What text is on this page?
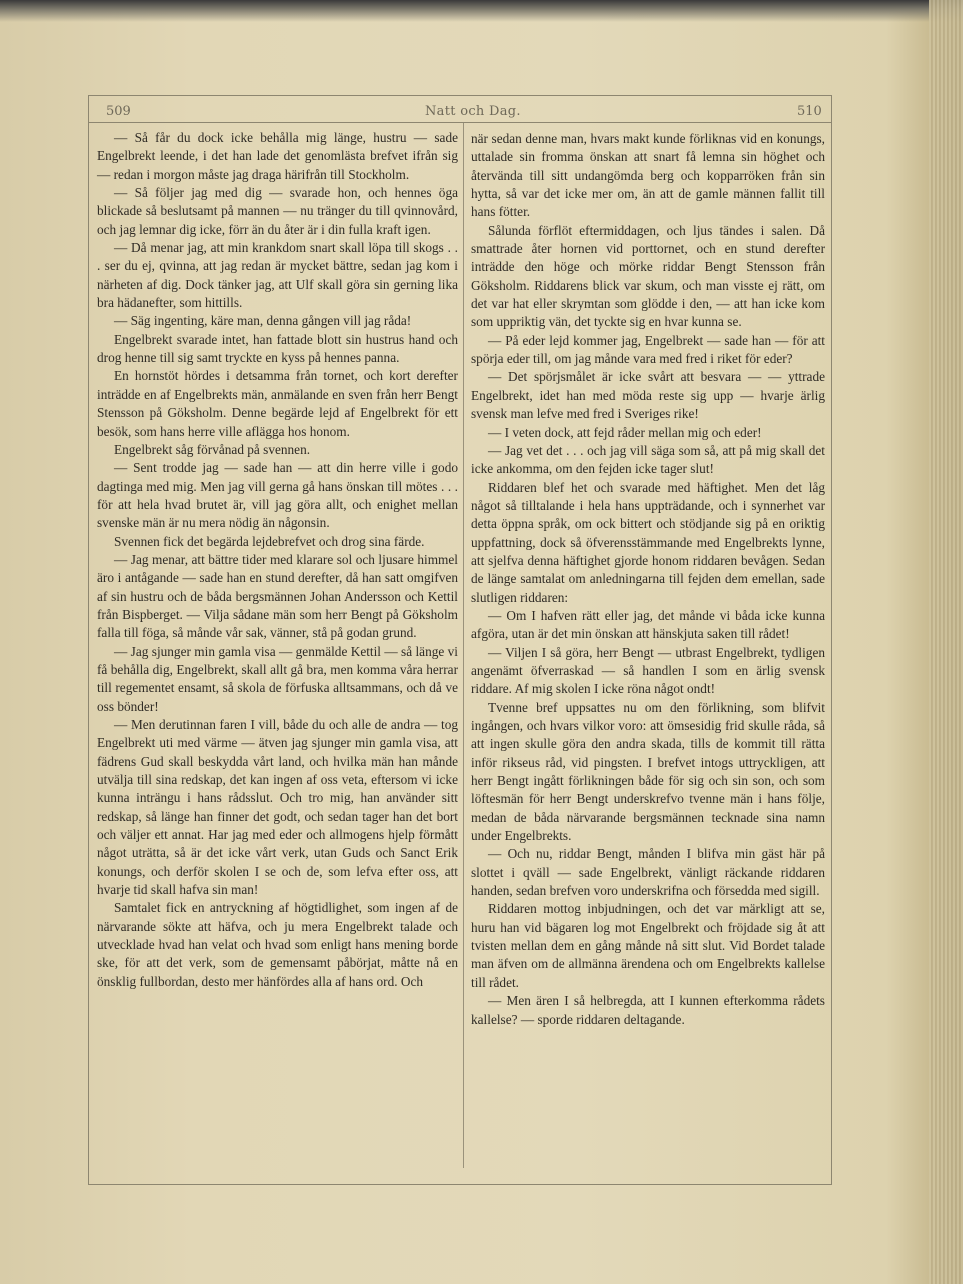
509	Natt och Dag.	510

— Så får du dock icke behålla mig länge, hustru — sade Engelbrekt leende, i det han lade det genomlästa brefvet ifrån sig — redan i morgon måste jag draga härifrån till Stockholm.

— Så följer jag med dig — svarade hon, och hennes öga blickade så beslutsamt på mannen — nu tränger du till qvinnovård, och jag lemnar dig icke, förr än du åter är i din fulla kraft igen.

— Då menar jag, att min krankdom snart skall löpa till skogs . . . ser du ej, qvinna, att jag redan är mycket bättre, sedan jag kom i närheten af dig. Dock tänker jag, att Ulf skall göra sin gerning lika bra hädanefter, som hittills.

— Säg ingenting, käre man, denna gången vill jag råda!

Engelbrekt svarade intet, han fattade blott sin hustrus hand och drog henne till sig samt tryckte en kyss på hennes panna.

En hornstöt hördes i detsamma från tornet, och kort derefter inträdde en af Engelbrekts män, anmälande en sven från herr Bengt Stensson på Göksholm. Denne begärde lejd af Engelbrekt för ett besök, som hans herre ville aflägga hos honom.

Engelbrekt såg förvånad på svennen.

— Sent trodde jag — sade han — att din herre ville i godo dagtinga med mig. Men jag vill gerna gå hans önskan till mötes . . . för att hela hvad brutet är, vill jag göra allt, och enighet mellan svenske män är nu mera nödig än någonsin.

Svennen fick det begärda lejdebrefvet och drog sina färde.

— Jag menar, att bättre tider med klarare sol och ljusare himmel äro i antågande — sade han en stund derefter, då han satt omgifven af sin hustru och de båda bergsmännen Johan Andersson och Kettil från Bispberget. — Vilja sådane män som herr Bengt på Göksholm falla till föga, så månde vår sak, vänner, stå på godan grund.

— Jag sjunger min gamla visa — genmälde Kettil — så länge vi få behålla dig, Engelbrekt, skall allt gå bra, men komma våra herrar till regementet ensamt, så skola de förfuska alltsammans, och då ve oss bönder!

— Men derutinnan faren I vill, både du och alle de andra — tog Engelbrekt uti med värme — ätven jag sjunger min gamla visa, att fädrens Gud skall beskydda vårt land, och hvilka män han månde utvälja till sina redskap, det kan ingen af oss veta, eftersom vi icke kunna inträngu i hans rådsslut. Och tro mig, han använder sitt redskap, så länge han finner det godt, och sedan tager han det bort och väljer ett annat. Har jag med eder och allmogens hjelp förmått något uträtta, så är det icke vårt verk, utan Guds och Sanct Erik konungs, och derför skolen I se och de, som lefva efter oss, att hvarje tid skall hafva sin man!

Samtalet fick en antryckning af högtidlighet, som ingen af de närvarande sökte att häfva, och ju mera Engelbrekt talade och utvecklade hvad han velat och hvad som enligt hans mening borde ske, för att det verk, som de gemensamt påbörjat, måtte nå en önsklig fullbordan, desto mer hänfördes alla af hans ord. Och

när sedan denne man, hvars makt kunde förliknas vid en konungs, uttalade sin fromma önskan att snart få lemna sin höghet och återvända till sitt undangömda berg och kopparröken från sin hytta, så var det icke mer om, än att de gamle männen fallit till hans fötter.

Sålunda förflöt eftermiddagen, och ljus tändes i salen. Då smattrade åter hornen vid porttornet, och en stund derefter inträdde den höge och mörke riddar Bengt Stensson från Göksholm. Riddarens blick var skum, och man visste ej rätt, om det var hat eller skrymtan som glödde i den, — att han icke kom som uppriktig vän, det tyckte sig en hvar kunna se.

— På eder lejd kommer jag, Engelbrekt — sade han — för att spörja eder till, om jag månde vara med fred i riket för eder?

— Det spörjsmålet är icke svårt att besvara — — yttrade Engelbrekt, idet han med möda reste sig upp — hvarje ärlig svensk man lefve med fred i Sveriges rike!

— I veten dock, att fejd råder mellan mig och eder!

— Jag vet det . . . och jag vill säga som så, att på mig skall det icke ankomma, om den fejden icke tager slut!

Riddaren blef het och svarade med häftighet. Men det låg något så tilltalande i hela hans uppträdande, och i synnerhet var detta öppna språk, om ock bittert och stödjande sig på en oriktig uppfattning, dock så öfverensstämmande med Engelbrekts lynne, att sjelfva denna häftighet gjorde honom riddaren bevågen. Sedan de länge samtalat om anledningarna till fejden dem emellan, sade slutligen riddaren:

— Om I hafven rätt eller jag, det månde vi båda icke kunna afgöra, utan är det min önskan att hänskjuta saken till rådet!

— Viljen I så göra, herr Bengt — utbrast Engelbrekt, tydligen angenämt öfverraskad — så handlen I som en ärlig svensk riddare. Af mig skolen I icke röna något ondt!

Tvenne bref uppsattes nu om den förlikning, som blifvit ingången, och hvars vilkor voro: att ömsesidig frid skulle råda, så att ingen skulle göra den andra skada, tills de kommit till rätta inför rikseus råd, vid pingsten. I brefvet intogs uttryckligen, att herr Bengt ingått förlikningen både för sig och sin son, och som löftesmän för herr Bengt underskrefvo tvenne män i hans följe, medan de båda närvarande bergsmännen tecknade sina namn under Engelbrekts.

— Och nu, riddar Bengt, månden I blifva min gäst här på slottet i qväll — sade Engelbrekt, vänligt räckande riddaren handen, sedan brefven voro underskrifna och försedda med sigill.

Riddaren mottog inbjudningen, och det var märkligt att se, huru han vid bägaren log mot Engelbrekt och fröjdade sig åt att tvisten mellan dem en gång månde nå sitt slut. Vid Bordet talade man äfven om de allmänna ärendena och om Engelbrekts kallelse till rådet.

— Men ären I så helbregda, att I kunnen efterkomma rådets kallelse? — sporde riddaren deltagande.
